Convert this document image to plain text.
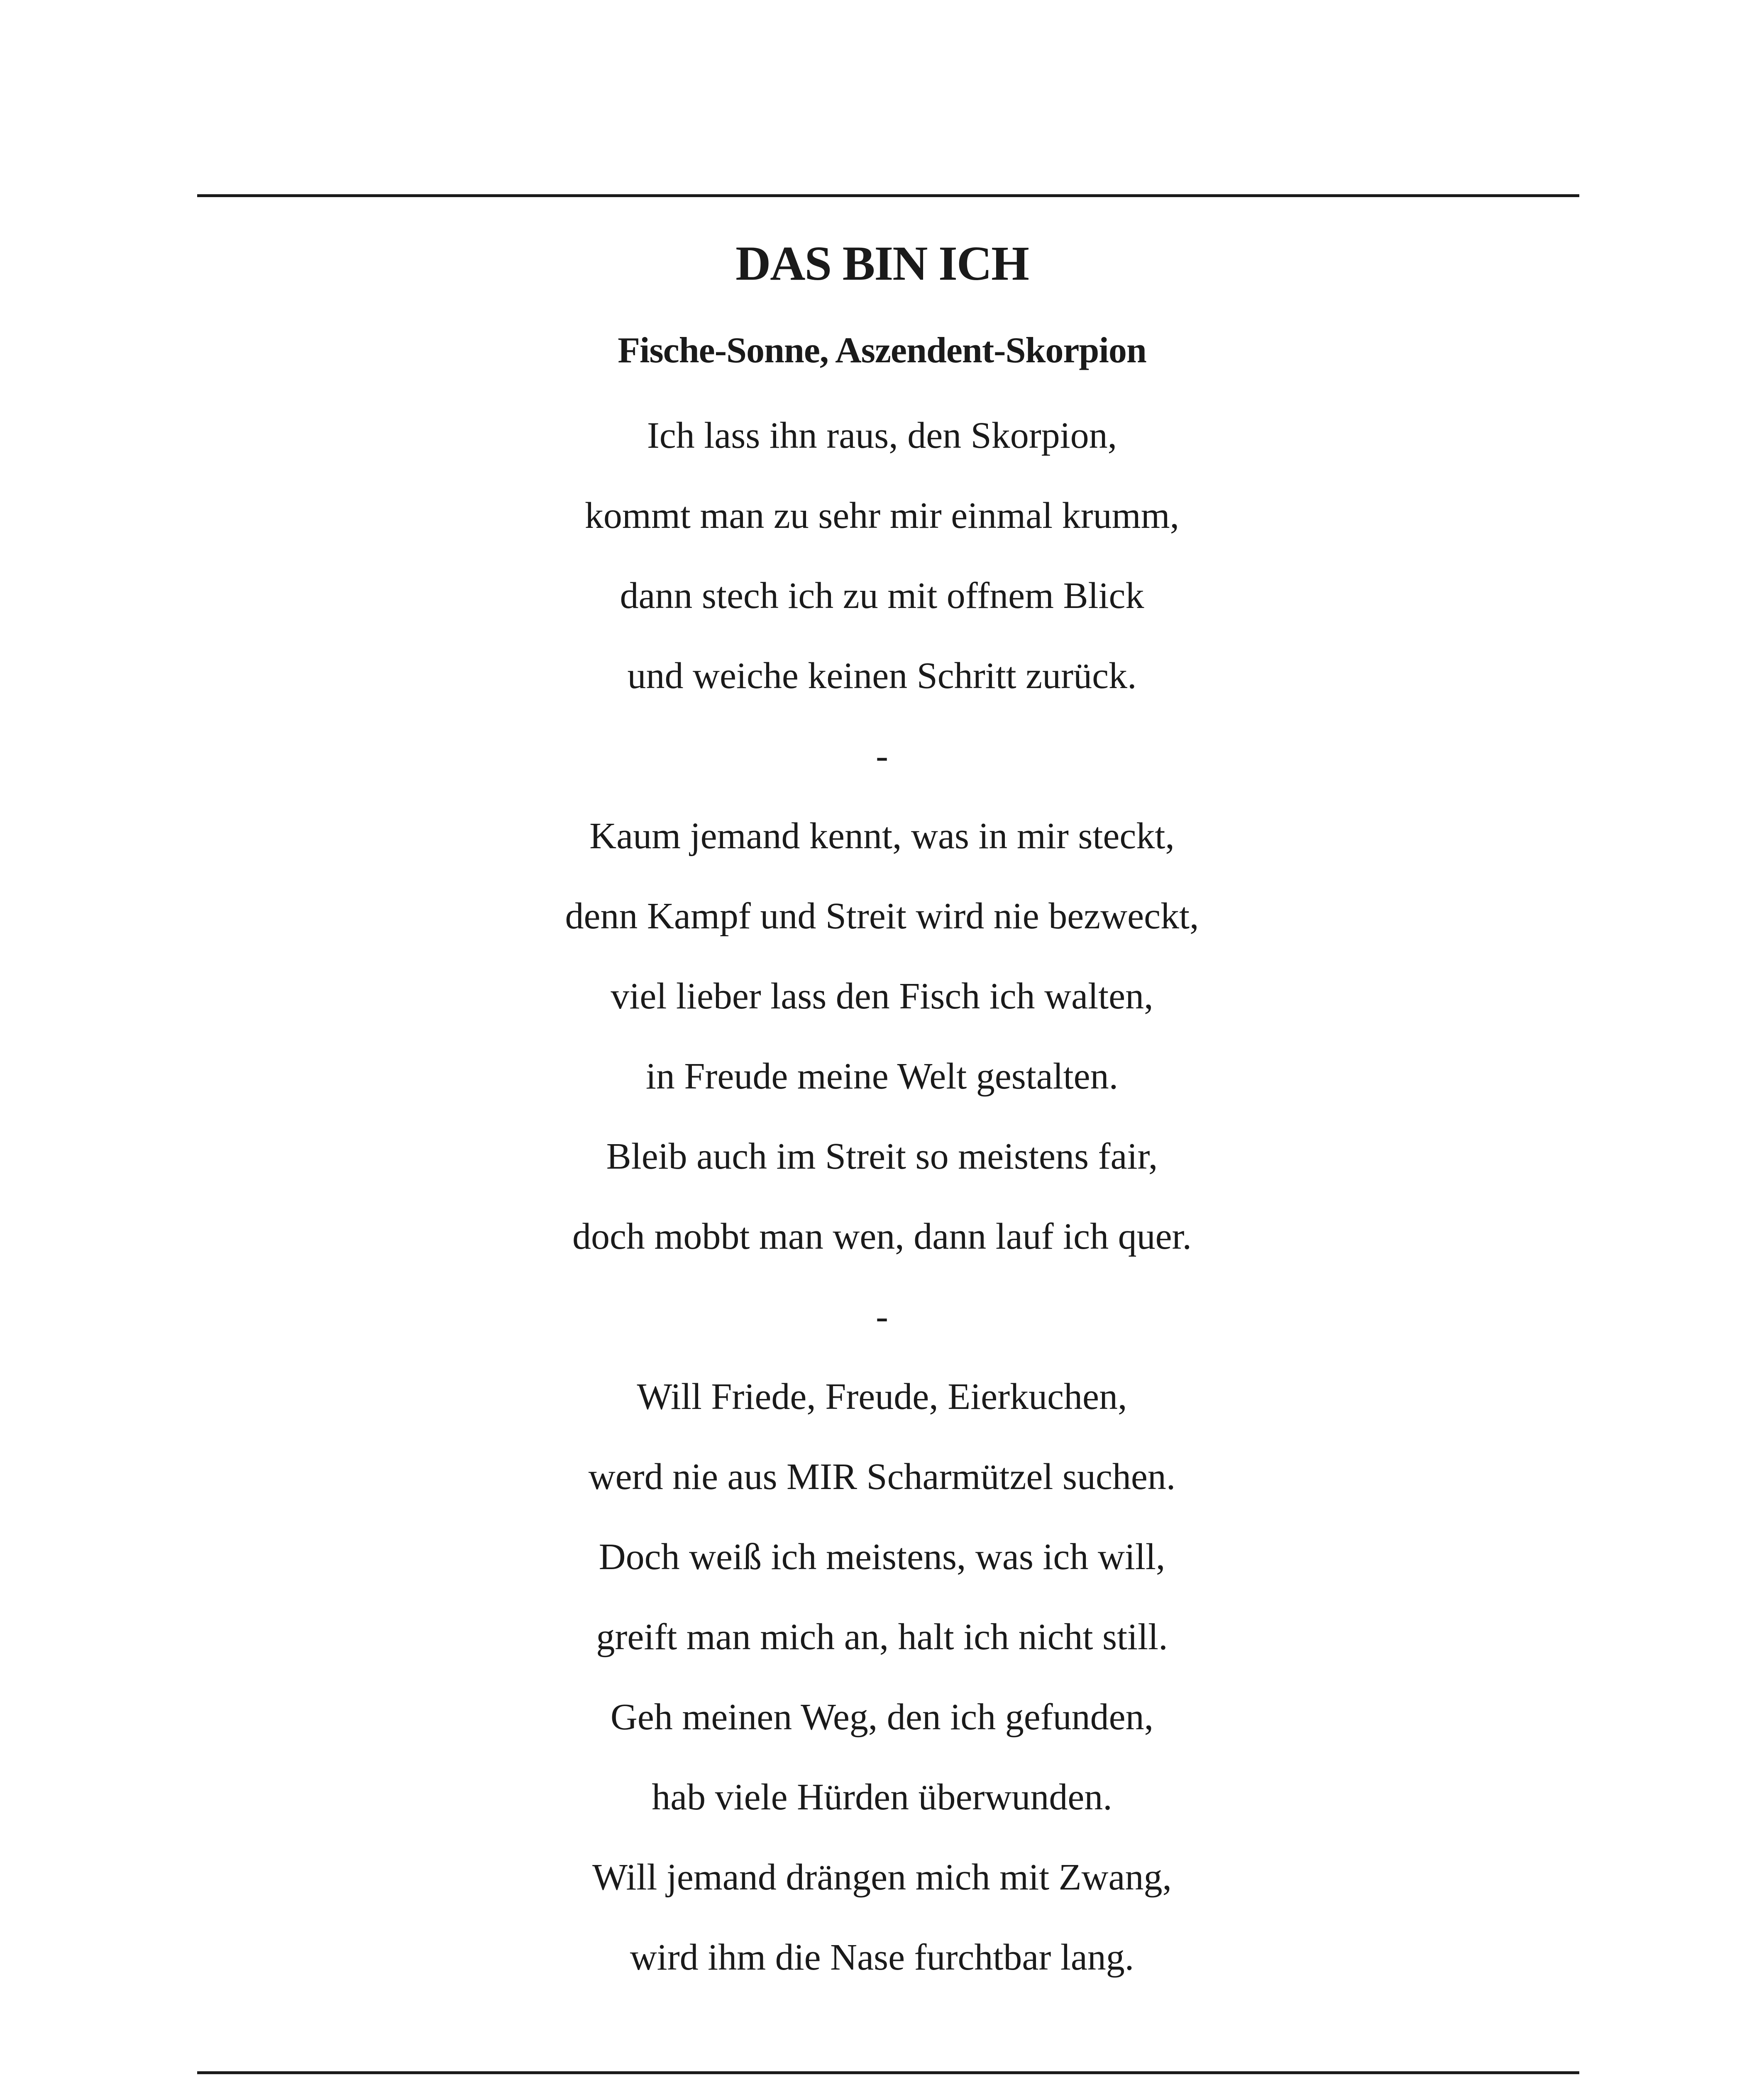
DAS BIN ICH
Fische-Sonne, Aszendent-Skorpion
Ich lass ihn raus, den Skorpion,
kommt man zu sehr mir einmal krumm,
dann stech ich zu mit offnem Blick
und weiche keinen Schritt zurück.
-
Kaum jemand kennt, was in mir steckt,
denn Kampf und Streit wird nie bezweckt,
viel lieber lass den Fisch ich walten,
in Freude meine Welt gestalten.
Bleib auch im Streit so meistens fair,
doch mobbt man wen, dann lauf ich quer.
-
Will Friede, Freude, Eierkuchen,
werd nie aus MIR Scharmützel suchen.
Doch weiß ich meistens, was ich will,
greift man mich an, halt ich nicht still.
Geh meinen Weg, den ich gefunden,
hab viele Hürden überwunden.
Will jemand drängen mich mit Zwang,
wird ihm die Nase furchtbar lang.
